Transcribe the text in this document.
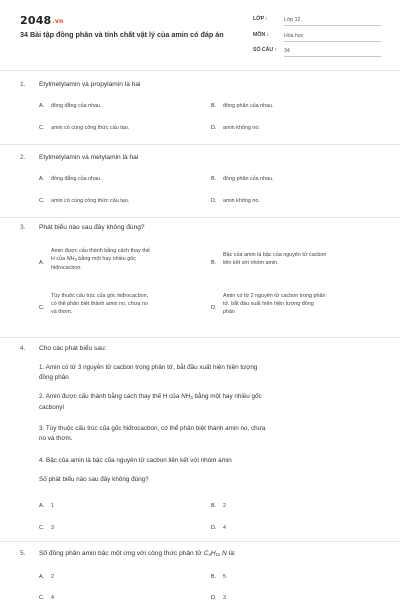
2048.vn
34 Bài tập đồng phân và tính chất vật lý của amin có đáp án
LỚP :	Lớp 12
MÔN :	Hóa học
SỐ CÂU : 34
1. Etylmetylamin và propylamin là hai
A. đồng đẳng của nhau.	B. đồng phân của nhau.
C. amin có cùng công thức cấu tạo.	D. amin không no.
2. Etylmetylamin và metylamin là hai
A. đồng đẳng của nhau.	B. đồng phân của nhau.
C. amin có cùng công thức cấu tạo.	D. amin không no.
3. Phát biểu nào sau đây không đúng?
A.
Amin được cấu thành bằng cách thay thế
H của $NH_3$ bằng một hay nhiều gốc
hiđrocacbon.
B.
Bậc của amin là bậc của nguyên tử cacbon
liên kết với nhóm amin.
C.
Tùy thuộc cấu trúc của gốc hiđrocacbon,
có thể phân biệt thành amin no, chưa no
và thơm.
D.
Amin có từ 2 nguyên tử cacbon trong phân
tử, bắt đầu xuất hiện hiện tượng đồng
phân
4. Cho các phát biểu sau:
1. Amin có từ 3 nguyên tử cacbon trong phân tử, bắt đầu xuất hiện hiện tượng
đồng phân
2. Amin được cấu thành bằng cách thay thế H của $NH_3$ bằng một hay nhiều gốc
cacbonyl
3. Tùy thuộc cấu trúc của gốc hiđrocacbon, có thể phân biệt thành amin no, chưa
no và thơm.
4. Bậc của amin là bậc của nguyên tử cacbon liên kết với nhóm amin
Số phát biểu nào sau đây không đúng?
A. 1	B. 2
C. 3	D. 4
5. Số đồng phân amin bậc một ứng với công thức phân tử $C_4H_{11}$ N là:
A. 2	B. 5
C. 4	D. 3
